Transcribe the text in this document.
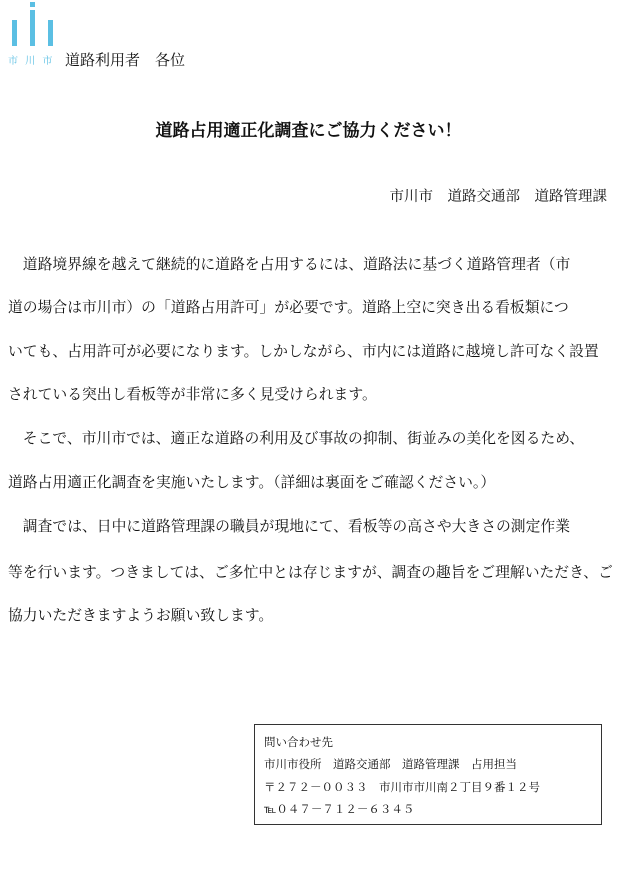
市 川 市 道路利用者　各位
道路占用適正化調査にご協力ください！
市川市　道路交通部　道路管理課
　道路境界線を越えて継続的に道路を占用するには、道路法に基づく道路管理者（市
道の場合は市川市）の「道路占用許可」が必要です。道路上空に突き出る看板類につ
いても、占用許可が必要になります。しかしながら、市内には道路に越境し許可なく設置
されている突出し看板等が非常に多く見受けられます。
　そこで、市川市では、適正な道路の利用及び事故の抑制、街並みの美化を図るため、
道路占用適正化調査を実施いたします。（詳細は裏面をご確認ください。）
　調査では、日中に道路管理課の職員が現地にて、看板等の高さや大きさの測定作業
等を行います。つきましては、ご多忙中とは存じますが、調査の趣旨をご理解いただき、ご
協力いただきますようお願い致します。
問い合わせ先
市川市役所　道路交通部　道路管理課　占用担当
〒２７２－００３３　市川市市川南２丁目９番１２号
℡０４７－７１２－６３４５
